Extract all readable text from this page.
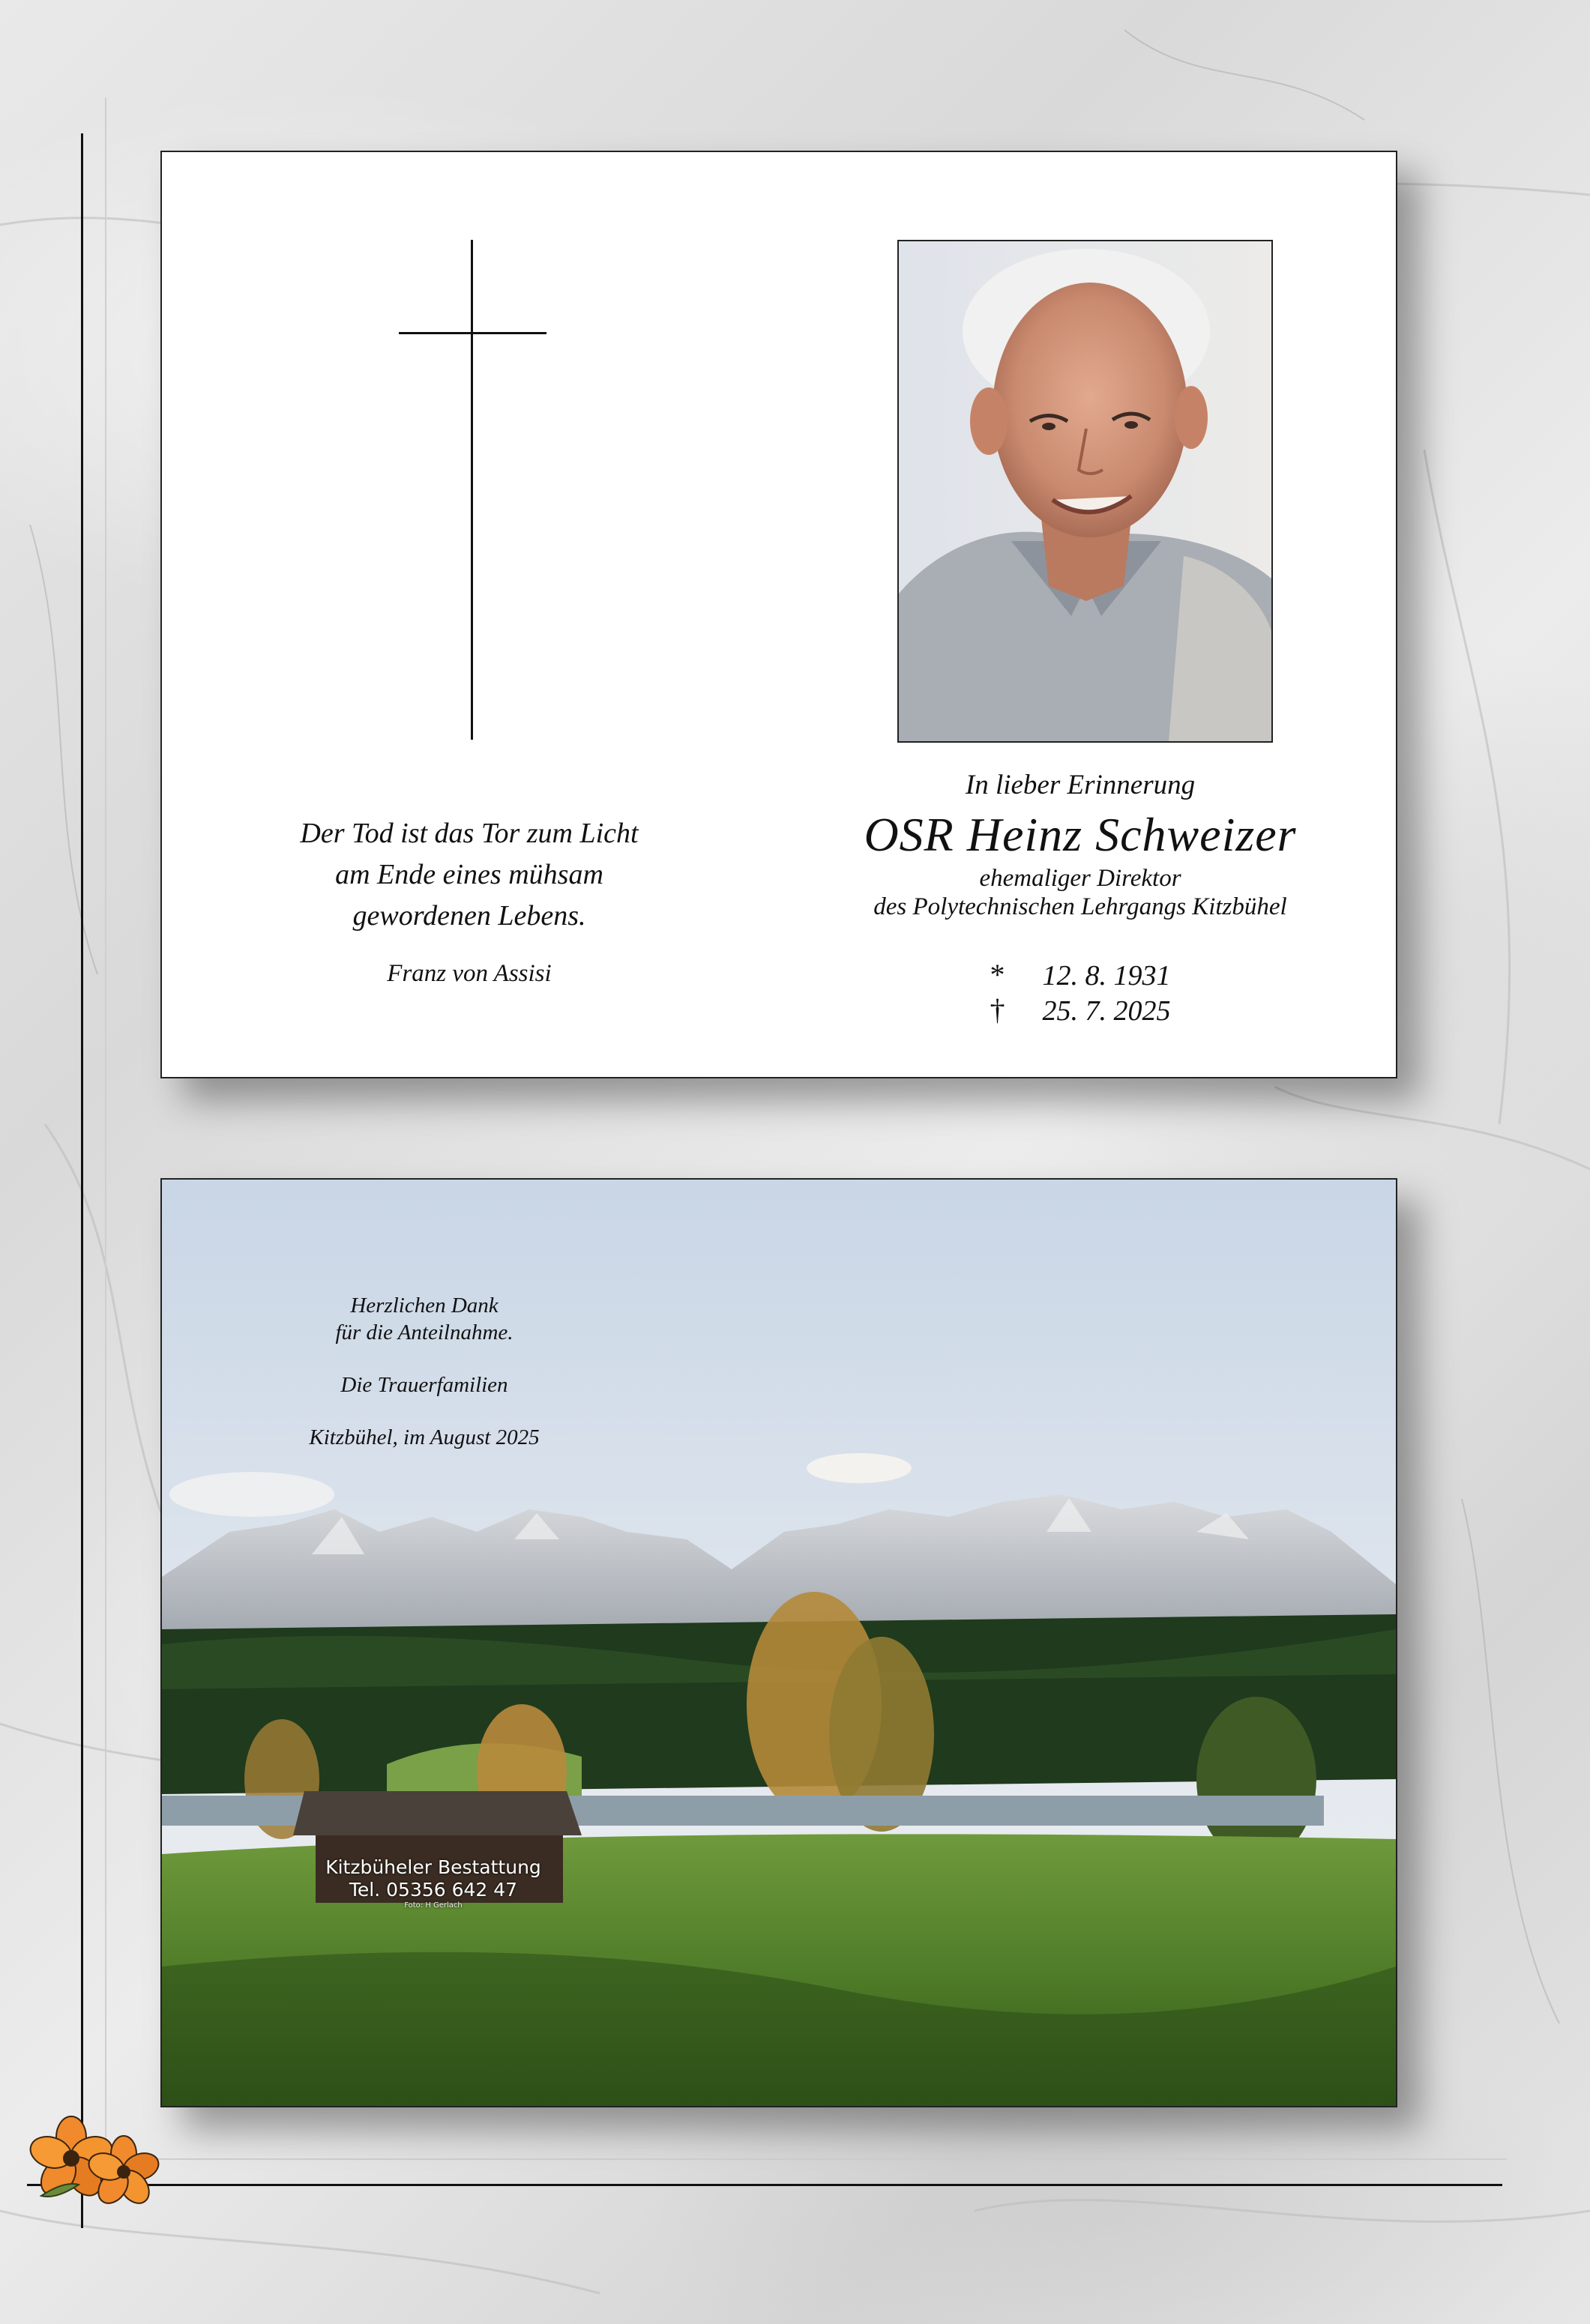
Der Tod ist das Tor zum Licht
am Ende eines mühsam
gewordenen Lebens.
Franz von Assisi
In lieber Erinnerung
OSR Heinz Schweizer
ehemaliger Direktor
des Polytechnischen Lehrgangs Kitzbühel
* 12. 8. 1931 † 25. 7. 2025

Herzlichen Dank
für die Anteilnahme.

Die Trauerfamilien

Kitzbühel, im August 2025

Kitzbüheler Bestattung
Tel. 05356 642 47
Foto: H Gerlach
